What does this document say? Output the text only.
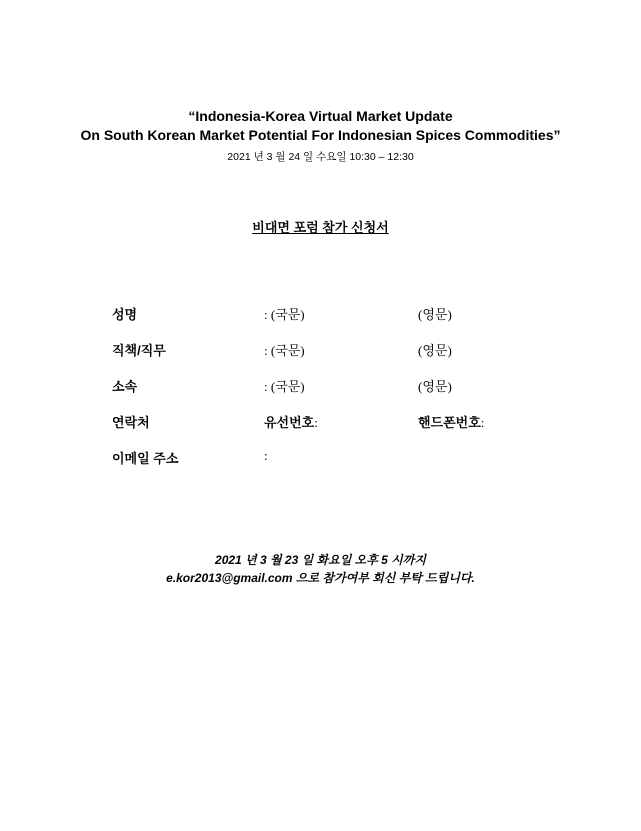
“Indonesia-Korea Virtual Market Update
On South Korean Market Potential For Indonesian Spices Commodities”
2021 년 3 월 24 일 수요일 10:30 – 12:30
비대면 포럼 참가 신청서
성명	: (국문)	(영문)
직책/직무	: (국문)	(영문)
소속	: (국문)	(영문)
연락처	유선번호:	핸드폰번호:
이메일 주소	:
2021 년 3 월 23 일 화요일 오후 5 시까지
e.kor2013@gmail.com 으로 참가여부 회신 부탁 드립니다.
